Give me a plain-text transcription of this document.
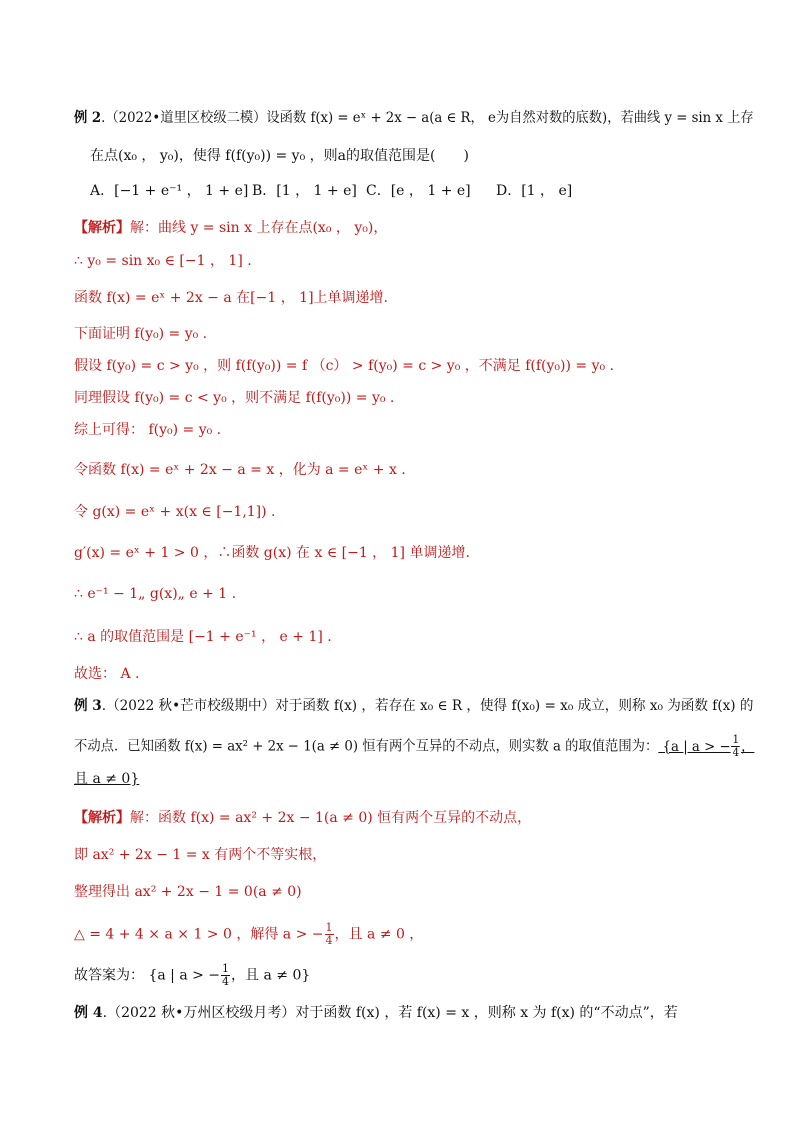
例 2.（2022•道里区校级二模）设函数 f(x) = eˣ + 2x − a(a ∈ R， e为自然对数的底数)，若曲线 y = sin x 上存
在点(x₀ ， y₀)，使得 f(f(y₀)) = y₀ ，则a的取值范围是(　　)
A．[−1 + e⁻¹ ， 1 + e] B．[1 ， 1 + e] C．[e ， 1 + e] D．[1 ， e]
【解析】解：曲线 y = sin x 上存在点(x₀ ， y₀)，
∴ y₀ = sin x₀ ∈ [−1 ， 1] .
函数 f(x) = eˣ + 2x − a 在[−1 ， 1]上单调递增.
下面证明 f(y₀) = y₀ .
假设 f(y₀) = c > y₀ ，则 f(f(y₀)) = f （c） > f(y₀) = c > y₀ ，不满足 f(f(y₀)) = y₀ .
同理假设 f(y₀) = c < y₀ ，则不满足 f(f(y₀)) = y₀ .
综上可得： f(y₀) = y₀ .
令函数 f(x) = eˣ + 2x − a = x ，化为 a = eˣ + x .
令 g(x) = eˣ + x(x ∈ [−1,1]) .
g′(x) = eˣ + 1 > 0 ，∴函数 g(x) 在 x ∈ [−1 ， 1] 单调递增.
∴ e⁻¹ − 1„ g(x)„ e + 1 .
∴ a 的取值范围是 [−1 + e⁻¹ ， e + 1] .
故选： A .
例 3.（2022 秋•芒市校级期中）对于函数 f(x) ，若存在 x₀ ∈ R ，使得 f(x₀) = x₀ 成立，则称 x₀ 为函数 f(x) 的
不动点．已知函数 f(x) = ax² + 2x − 1(a ≠ 0) 恒有两个互异的不动点，则实数 a 的取值范围为： {a | a > − $\frac{1}{4}$ ，
且 a ≠ 0}
【解析】解：函数 f(x) = ax² + 2x − 1(a ≠ 0) 恒有两个互异的不动点，
即 ax² + 2x − 1 = x 有两个不等实根，
整理得出 ax² + 2x − 1 = 0(a ≠ 0)
△ = 4 + 4 × a × 1 > 0 ，解得 a > − $\frac{1}{4}$ ，且 a ≠ 0 ，
故答案为： {a | a > − $\frac{1}{4}$ ，且 a ≠ 0}
例 4.（2022 秋•万州区校级月考）对于函数 f(x) ，若 f(x) = x ，则称 x 为 f(x) 的“不动点”，若
